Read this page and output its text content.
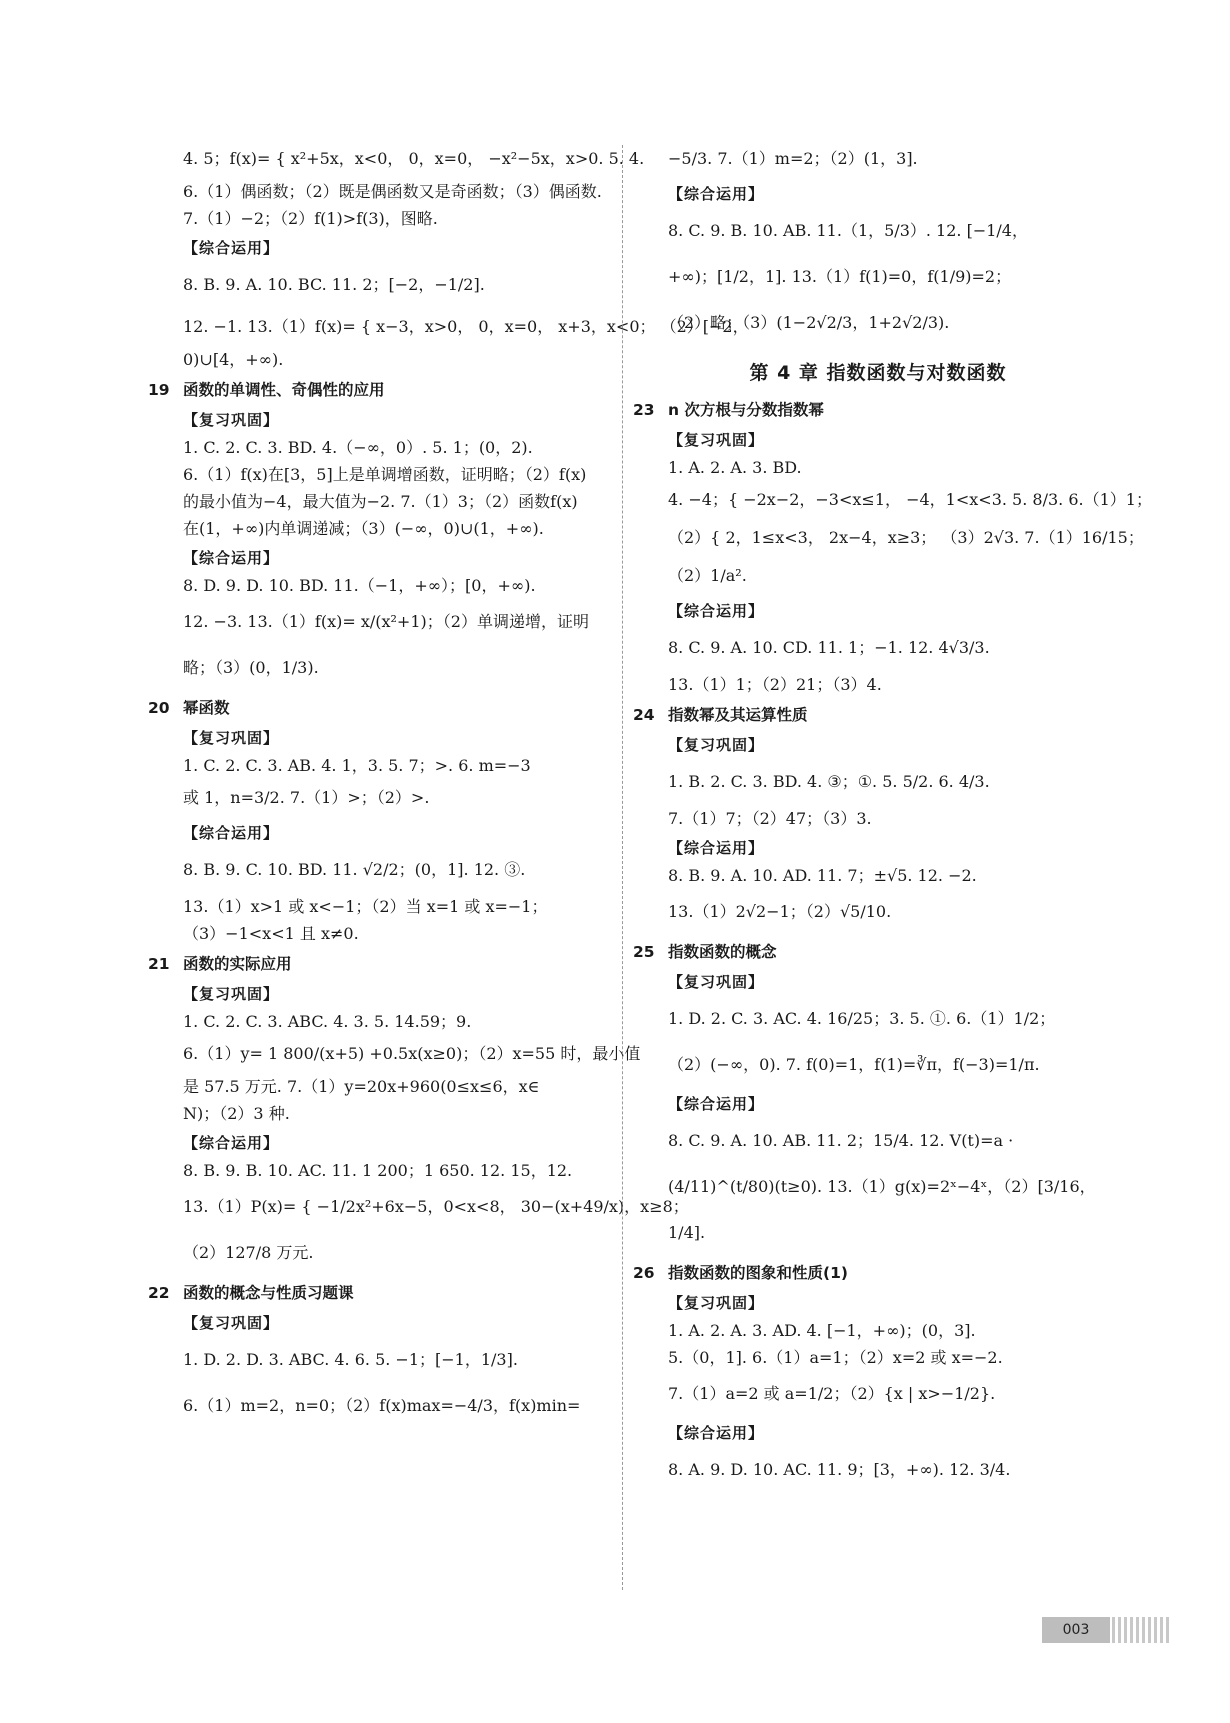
4. 5；f(x)= { x²+5x，x<0， 0，x=0， −x²−5x，x>0. 5. 4.
6.（1）偶函数；（2）既是偶函数又是奇函数；（3）偶函数.
7.（1）−2；（2）f(1)>f(3)，图略.
【综合运用】
8. B. 9. A. 10. BC. 11. 2；[−2，−1/2].
12. −1. 13.（1）f(x)= { x−3，x>0， 0，x=0， x+3，x<0； （2）[−2，
0)∪[4，+∞).
19 函数的单调性、奇偶性的应用
【复习巩固】
1. C. 2. C. 3. BD. 4.（−∞，0）. 5. 1；(0，2).
6.（1）f(x)在[3，5]上是单调增函数，证明略；（2）f(x)
的最小值为−4，最大值为−2. 7.（1）3；（2）函数f(x)
在(1，+∞)内单调递减；（3）(−∞，0)∪(1，+∞).
【综合运用】
8. D. 9. D. 10. BD. 11.（−1，+∞）；[0，+∞).
12. −3. 13.（1）f(x)= x/(x²+1)；（2）单调递增，证明
略；（3）(0，1/3).
20 幂函数
【复习巩固】
1. C. 2. C. 3. AB. 4. 1，3. 5. 7；>. 6. m=−3
或 1，n=3/2. 7.（1）>；（2）>.
【综合运用】
8. B. 9. C. 10. BD. 11. √2/2；(0，1]. 12. ③.
13.（1）x>1 或 x<−1；（2）当 x=1 或 x=−1；
（3）−1<x<1 且 x≠0.
21 函数的实际应用
【复习巩固】
1. C. 2. C. 3. ABC. 4. 3. 5. 14.59；9.
6.（1）y= 1 800/(x+5) +0.5x(x≥0)；（2）x=55 时，最小值
是 57.5 万元. 7.（1）y=20x+960(0≤x≤6，x∈
N)；（2）3 种.
【综合运用】
8. B. 9. B. 10. AC. 11. 1 200；1 650. 12. 15，12.
13.（1）P(x)= { −1/2x²+6x−5，0<x<8， 30−(x+49/x)，x≥8；
（2）127/8 万元.
22 函数的概念与性质习题课
【复习巩固】
1. D. 2. D. 3. ABC. 4. 6. 5. −1；[−1，1/3].
6.（1）m=2，n=0；（2）f(x)max=−4/3，f(x)min=
−5/3. 7.（1）m=2；（2）(1，3].
【综合运用】
8. C. 9. B. 10. AB. 11.（1，5/3）. 12. [−1/4，
+∞)；[1/2，1]. 13.（1）f(1)=0，f(1/9)=2；
（2）略；（3）(1−2√2/3，1+2√2/3).
第 4 章 指数函数与对数函数
23 n 次方根与分数指数幂
【复习巩固】
1. A. 2. A. 3. BD.
4. −4；{ −2x−2，−3<x≤1， −4，1<x<3. 5. 8/3. 6.（1）1；
（2）{ 2，1≤x<3， 2x−4，x≥3； （3）2√3. 7.（1）16/15；
（2）1/a².
【综合运用】
8. C. 9. A. 10. CD. 11. 1；−1. 12. 4√3/3.
13.（1）1；（2）21；（3）4.
24 指数幂及其运算性质
【复习巩固】
1. B. 2. C. 3. BD. 4. ③；①. 5. 5/2. 6. 4/3.
7.（1）7；（2）47；（3）3.
【综合运用】
8. B. 9. A. 10. AD. 11. 7；±√5. 12. −2.
13.（1）2√2−1；（2）√5/10.
25 指数函数的概念
【复习巩固】
1. D. 2. C. 3. AC. 4. 16/25；3. 5. ①. 6.（1）1/2；
（2）(−∞，0). 7. f(0)=1，f(1)=∛π，f(−3)=1/π.
【综合运用】
8. C. 9. A. 10. AB. 11. 2；15/4. 12. V(t)=a ·
(4/11)^(t/80)(t≥0). 13.（1）g(x)=2ˣ−4ˣ，（2）[3/16，
1/4].
26 指数函数的图象和性质(1)
【复习巩固】
1. A. 2. A. 3. AD. 4. [−1，+∞)；(0，3].
5.（0，1]. 6.（1）a=1；（2）x=2 或 x=−2.
7.（1）a=2 或 a=1/2；（2）{x | x>−1/2}.
【综合运用】
8. A. 9. D. 10. AC. 11. 9；[3，+∞). 12. 3/4.
003
